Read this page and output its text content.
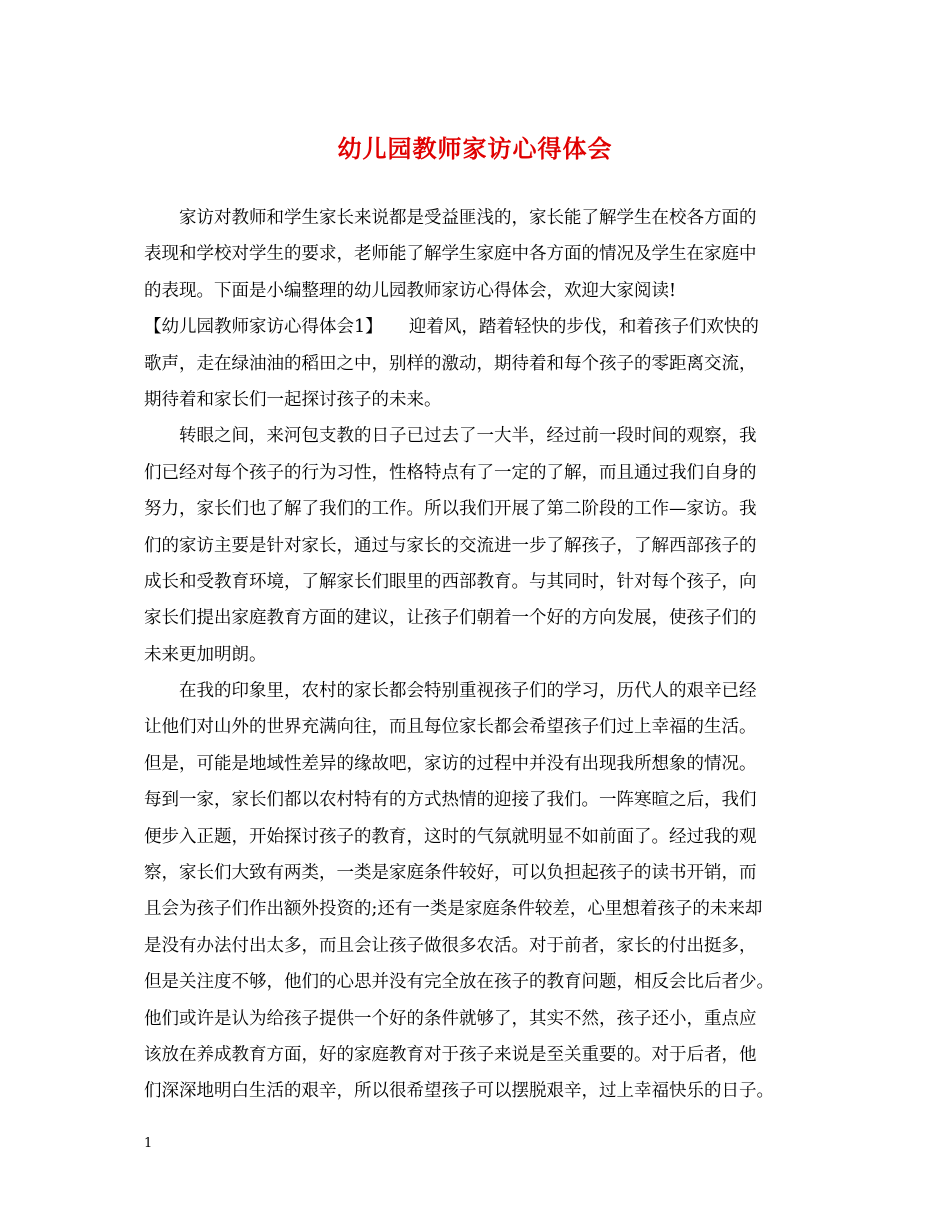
幼儿园教师家访心得体会
　　家访对教师和学生家长来说都是受益匪浅的，家长能了解学生在校各方面的
表现和学校对学生的要求，老师能了解学生家庭中各方面的情况及学生在家庭中
的表现。下面是小编整理的幼儿园教师家访心得体会，欢迎大家阅读!
【幼儿园教师家访心得体会1】　　迎着风，踏着轻快的步伐，和着孩子们欢快的
歌声，走在绿油油的稻田之中，别样的激动，期待着和每个孩子的零距离交流，
期待着和家长们一起探讨孩子的未来。
　　转眼之间，来河包支教的日子已过去了一大半，经过前一段时间的观察，我
们已经对每个孩子的行为习性，性格特点有了一定的了解，而且通过我们自身的
努力，家长们也了解了我们的工作。所以我们开展了第二阶段的工作—家访。我
们的家访主要是针对家长，通过与家长的交流进一步了解孩子，了解西部孩子的
成长和受教育环境，了解家长们眼里的西部教育。与其同时，针对每个孩子，向
家长们提出家庭教育方面的建议，让孩子们朝着一个好的方向发展，使孩子们的
未来更加明朗。
　　在我的印象里，农村的家长都会特别重视孩子们的学习，历代人的艰辛已经
让他们对山外的世界充满向往，而且每位家长都会希望孩子们过上幸福的生活。
但是，可能是地域性差异的缘故吧，家访的过程中并没有出现我所想象的情况。
每到一家，家长们都以农村特有的方式热情的迎接了我们。一阵寒暄之后，我们
便步入正题，开始探讨孩子的教育，这时的气氛就明显不如前面了。经过我的观
察，家长们大致有两类，一类是家庭条件较好，可以负担起孩子的读书开销，而
且会为孩子们作出额外投资的;还有一类是家庭条件较差，心里想着孩子的未来却
是没有办法付出太多，而且会让孩子做很多农活。对于前者，家长的付出挺多，
但是关注度不够，他们的心思并没有完全放在孩子的教育问题，相反会比后者少。
他们或许是认为给孩子提供一个好的条件就够了，其实不然，孩子还小，重点应
该放在养成教育方面，好的家庭教育对于孩子来说是至关重要的。对于后者，他
们深深地明白生活的艰辛，所以很希望孩子可以摆脱艰辛，过上幸福快乐的日子。
1
